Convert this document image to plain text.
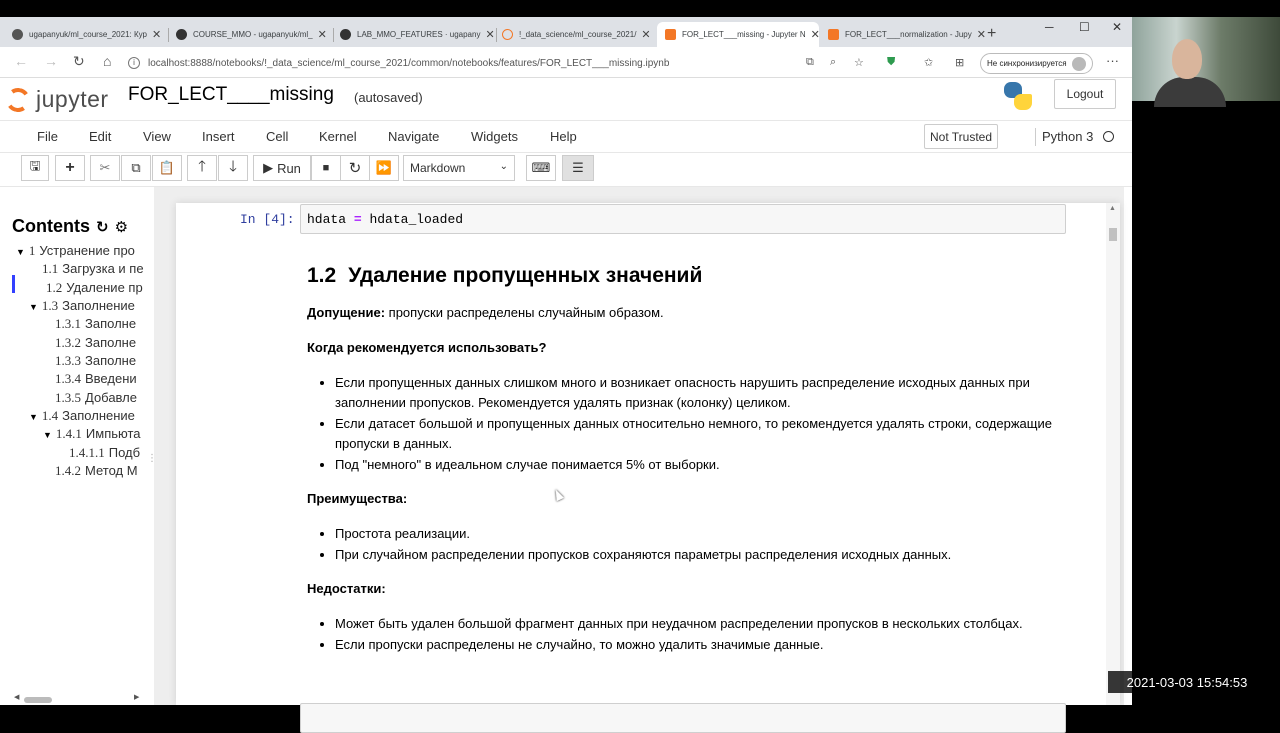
ugapanyuk/ml_course_2021: Кур ✕	COURSE_MMO - ugapanyuk/ml_ ✕	LAB_MMO_FEATURES · ugapany ✕	!_data_science/ml_course_2021/ ✕	FOR_LECT___missing - Jupyter N ✕	FOR_LECT___normalization - Jupy ✕ +	─ ☐ ✕
← → ↻ ⌂	i	localhost:8888/notebooks/!_data_science/ml_course_2021/common/notebooks/features/FOR_LECT___missing.ipynb	⧉ ⌕ ☆ ⛊	✩ ⊞	Не синхронизируется	···
jupyter FOR_LECT____missing (autosaved)	Logout
File Edit View Insert Cell Kernel Navigate Widgets Help	Not Trusted	Python 3
🖫 + ✂ ⧉ 📋 🡑 🡓 ▶ Run ■ ↻ ⏩ Markdown	⌄ ⌨ ☰
Contents ↻ ⚙
▼ 1 Устранение про
1.1 Загрузка и пе
1.2 Удаление пр
▼ 1.3 Заполнение
1.3.1 Заполне
1.3.2 Заполне
1.3.3 Заполне
1.3.4 Введени
1.3.5 Добавле
▼ 1.4 Заполнение
▼ 1.4.1 Импьюта
1.4.1.1 Подб
1.4.2 Метод М
⋮
◀	▶
In [4]: hdata = hdata_loaded
1.2 Удаление пропущенных значений

Допущение: пропуски распределены случайным образом.

Когда рекомендуется использовать?

• Если пропущенных данных слишком много и возникает опасность нарушить распределение исходных данных при заполнении пропусков. Рекомендуется удалять признак (колонку) целиком.
• Если датасет большой и пропущенных данных относительно немного, то рекомендуется удалять строки, содержащие пропуски в данных.
• Под "немного" в идеальном случае понимается 5% от выборки.

Преимущества:

• Простота реализации.
• При случайном распределении пропусков сохраняются параметры распределения исходных данных.

Недостатки:

• Может быть удален большой фрагмент данных при неудачном распределении пропусков в нескольких столбцах.
• Если пропуски распределены не случайно, то можно удалить значимые данные.
▲
2021-03-03 15:54:53
